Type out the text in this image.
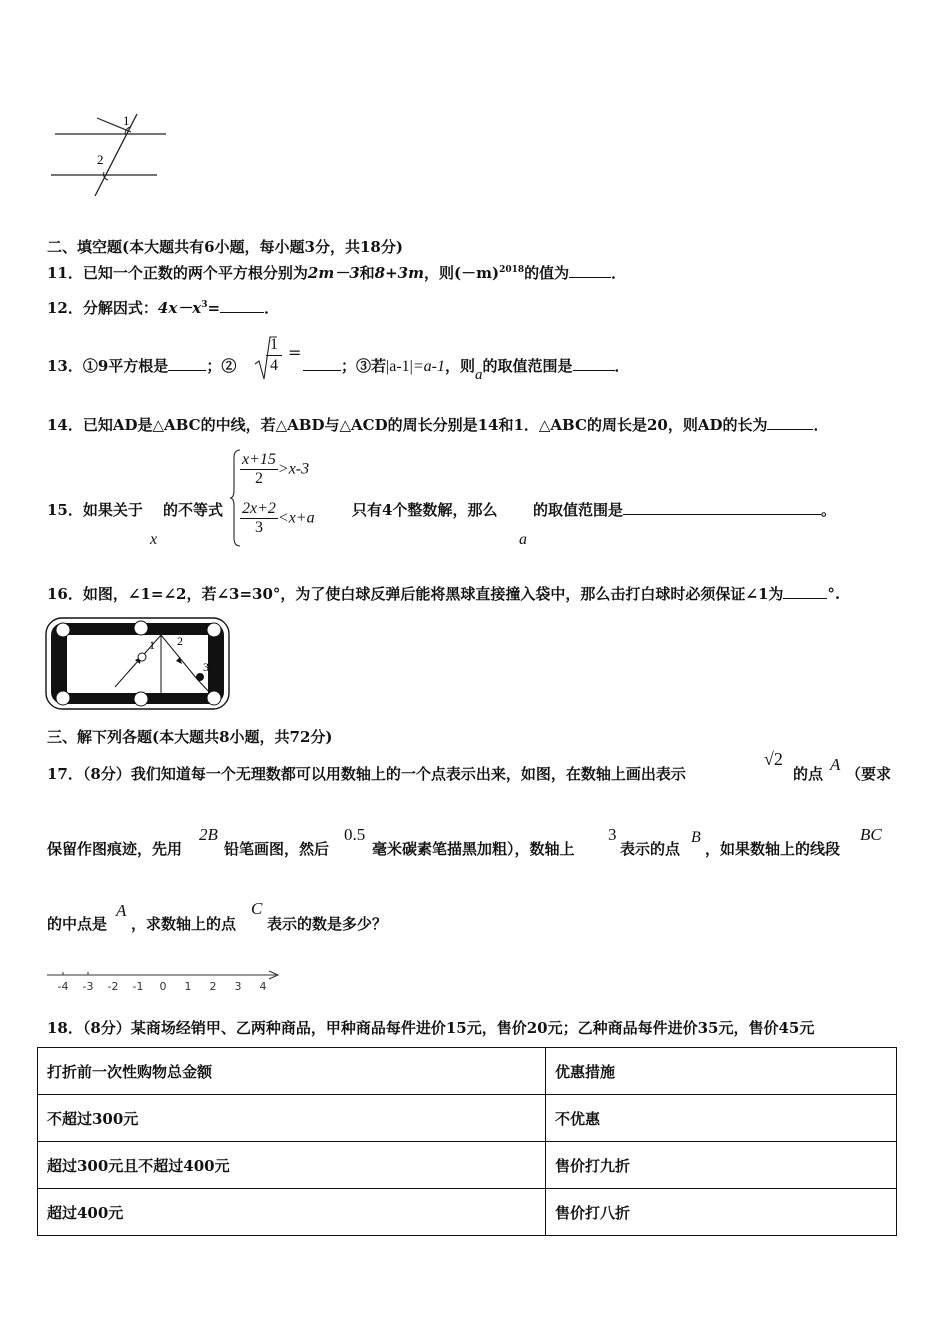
1
2
二、填空题(本大题共有6小题，每小题3分，共18分)
11．已知一个正数的两个平方根分别为2m－3和8+3m，则$(-m)^{2018}$的值为	．
12．分解因式：$4x-x^3=$	．
13．①9平方根是	；②
1
4
=
；③若|a-1|=a-1，则a的取值范围是	．
14．已知AD是△ABC的中线，若△ABD与△ACD的周长分别是14和1．△ABC的周长是20，则AD的长为	．
15．如果关于
x
的不等式
$\frac{x+15}{2} >x-3$
$\frac{2x+2}{3} <x+a$ 只有4个整数解，那么
a
的取值范围是	。
16．如图，∠1=∠2，若∠3=30°，为了使白球反弹后能将黑球直接撞入袋中，那么击打白球时必须保证∠1为	°.
1 2
3
三、解下列各题(本大题共8小题，共72分)
17．（8分）我们知道每一个无理数都可以用数轴上的一个点表示出来，如图，在数轴上画出表示
√2
的点 A （要求
保留作图痕迹，先用
2B
铅笔画图，然后
0.5
毫米碳素笔描黑加粗），数轴上
3
表示的点
B
，如果数轴上的线段
BC
的中点是
A
，求数轴上的点
C
表示的数是多少？
-4 -3 -2 -1 0 1 2 3 4
18．（8分）某商场经销甲、乙两种商品，甲种商品每件进价15元，售价20元；乙种商品每件进价35元，售价45元
打折前一次性购物总金额	优惠措施
不超过300元	不优惠
超过300元且不超过400元	售价打九折
超过400元	售价打八折
